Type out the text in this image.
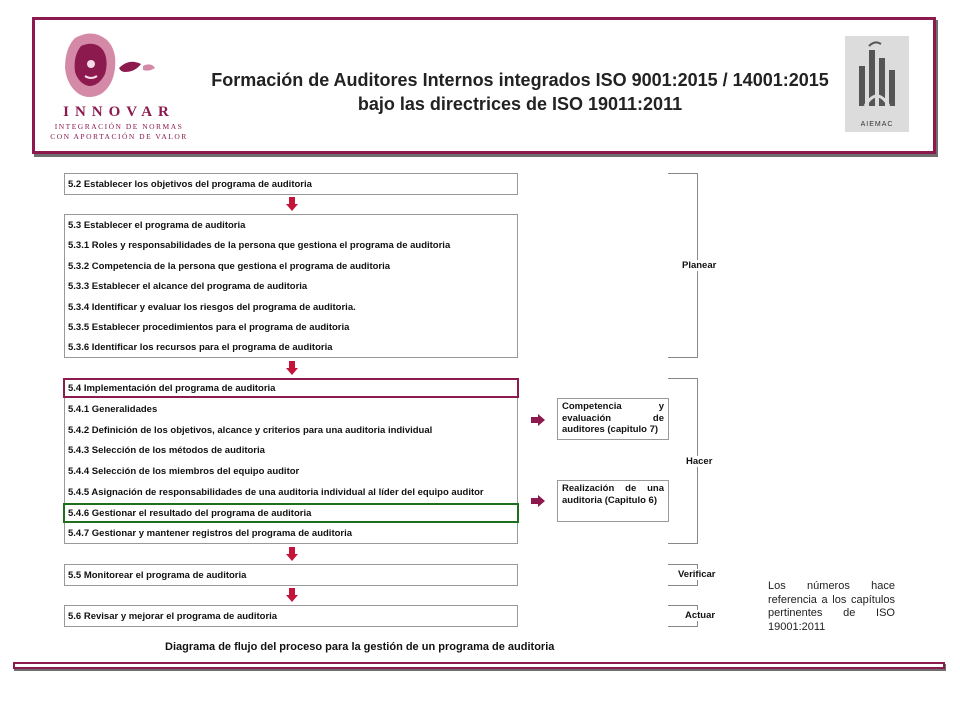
INNOVAR
INTEGRACIÓN DE NORMAS
CON APORTACIÓN DE VALOR
Formación de Auditores Internos integrados ISO 9001:2015 / 14001:2015 bajo las directrices de ISO 19011:2011
AIEMAC
5.2 Establecer los objetivos del programa de auditoria
5.3 Establecer el programa de auditoria
5.3.1 Roles y responsabilidades de la persona que gestiona el programa de auditoria
5.3.2 Competencia de la persona que gestiona el programa de auditoria
5.3.3 Establecer el alcance del programa de auditoria
5.3.4 Identificar y evaluar los riesgos del programa de auditoria.
5.3.5 Establecer procedimientos para el programa de auditoria
5.3.6 Identificar los recursos para el programa de auditoria
5.4 Implementación del programa de auditoria
5.4.1 Generalidades
5.4.2 Definición de los objetivos, alcance y criterios para una auditoria individual
5.4.3 Selección de los métodos de auditoria
5.4.4 Selección de los miembros del equipo auditor
5.4.5 Asignación de responsabilidades de una auditoria individual al líder del equipo auditor
5.4.6 Gestionar el resultado del programa de auditoria
5.4.7 Gestionar y mantener registros del programa de auditoria
Competencia y evaluación de auditores (capitulo 7)
Realización de una auditoria (Capitulo 6)
5.5 Monitorear el programa de auditoria
5.6 Revisar y mejorar el programa de auditoria
Planear
Hacer
Verificar
Actuar
Diagrama de flujo del proceso para la gestión de un programa de auditoria
Los números hace referencia a los capítulos pertinentes de ISO 19001:2011
